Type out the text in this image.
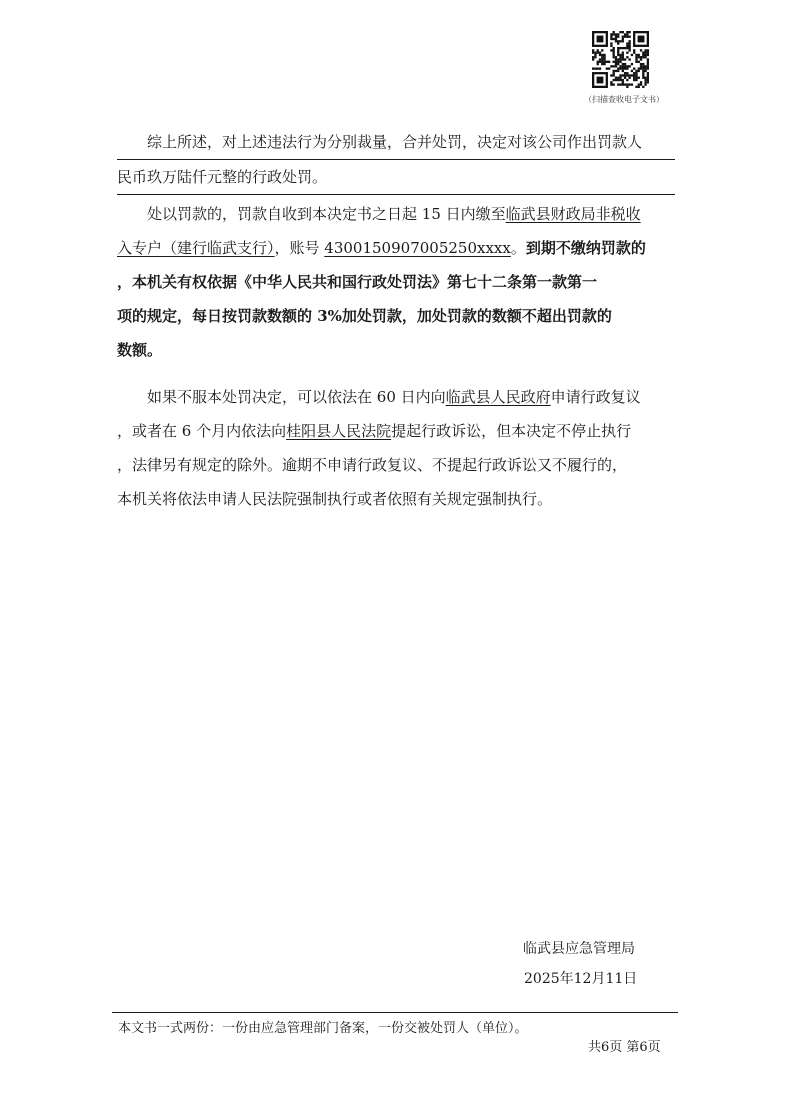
（扫描查收电子文书）
综上所述，对上述违法行为分别裁量，合并处罚，决定对该公司作出罚款人
民币玖万陆仟元整的行政处罚。
处以罚款的，罚款自收到本决定书之日起 15 日内缴至临武县财政局非税收
入专户（建行临武支行），账号 4300150907005250xxxx。到期不缴纳罚款的
，本机关有权依据《中华人民共和国行政处罚法》第七十二条第一款第一
项的规定，每日按罚款数额的 3%加处罚款，加处罚款的数额不超出罚款的
数额。
如果不服本处罚决定，可以依法在 60 日内向临武县人民政府申请行政复议
，或者在 6 个月内依法向桂阳县人民法院提起行政诉讼，但本决定不停止执行
，法律另有规定的除外。逾期不申请行政复议、不提起行政诉讼又不履行的，
本机关将依法申请人民法院强制执行或者依照有关规定强制执行。
临武县应急管理局
2025年12月11日
本文书一式两份：一份由应急管理部门备案，一份交被处罚人（单位）。
共6页 第6页
